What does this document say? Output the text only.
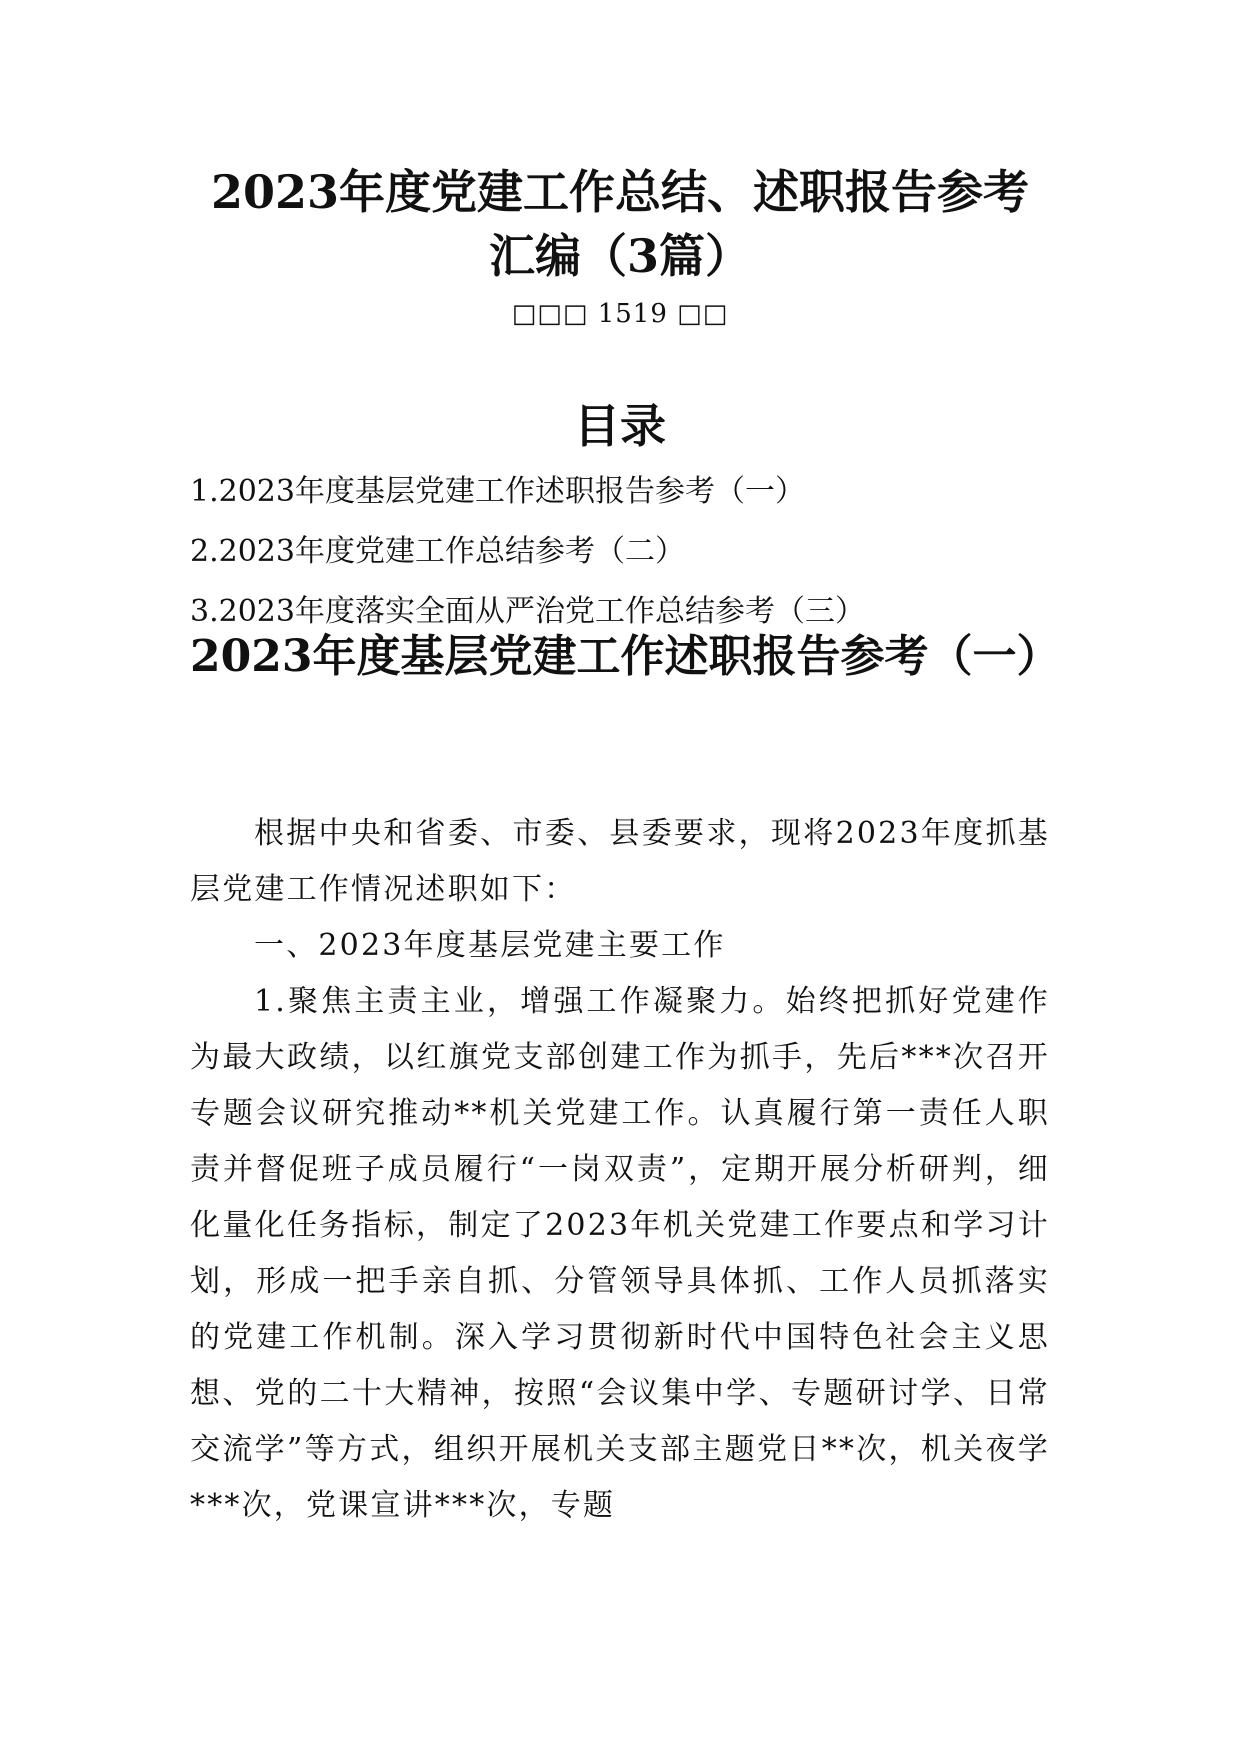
2023年度党建工作总结、述职报告参考汇编（3篇）
□□□ 1519 □□
目录
1.2023年度基层党建工作述职报告参考（一）
2.2023年度党建工作总结参考（二）
3.2023年度落实全面从严治党工作总结参考（三）
2023年度基层党建工作述职报告参考（一）

根据中央和省委、市委、县委要求，现将2023年度抓基层党建工作情况述职如下：

一、2023年度基层党建主要工作

1.聚焦主责主业，增强工作凝聚力。始终把抓好党建作为最大政绩，以红旗党支部创建工作为抓手，先后***次召开专题会议研究推动**机关党建工作。认真履行第一责任人职责并督促班子成员履行“一岗双责”，定期开展分析研判，细化量化任务指标，制定了2023年机关党建工作要点和学习计划，形成一把手亲自抓、分管领导具体抓、工作人员抓落实的党建工作机制。深入学习贯彻新时代中国特色社会主义思想、党的二十大精神，按照“会议集中学、专题研讨学、日常交流学”等方式，组织开展机关支部主题党日**次，机关夜学***次，党课宣讲***次，专题
